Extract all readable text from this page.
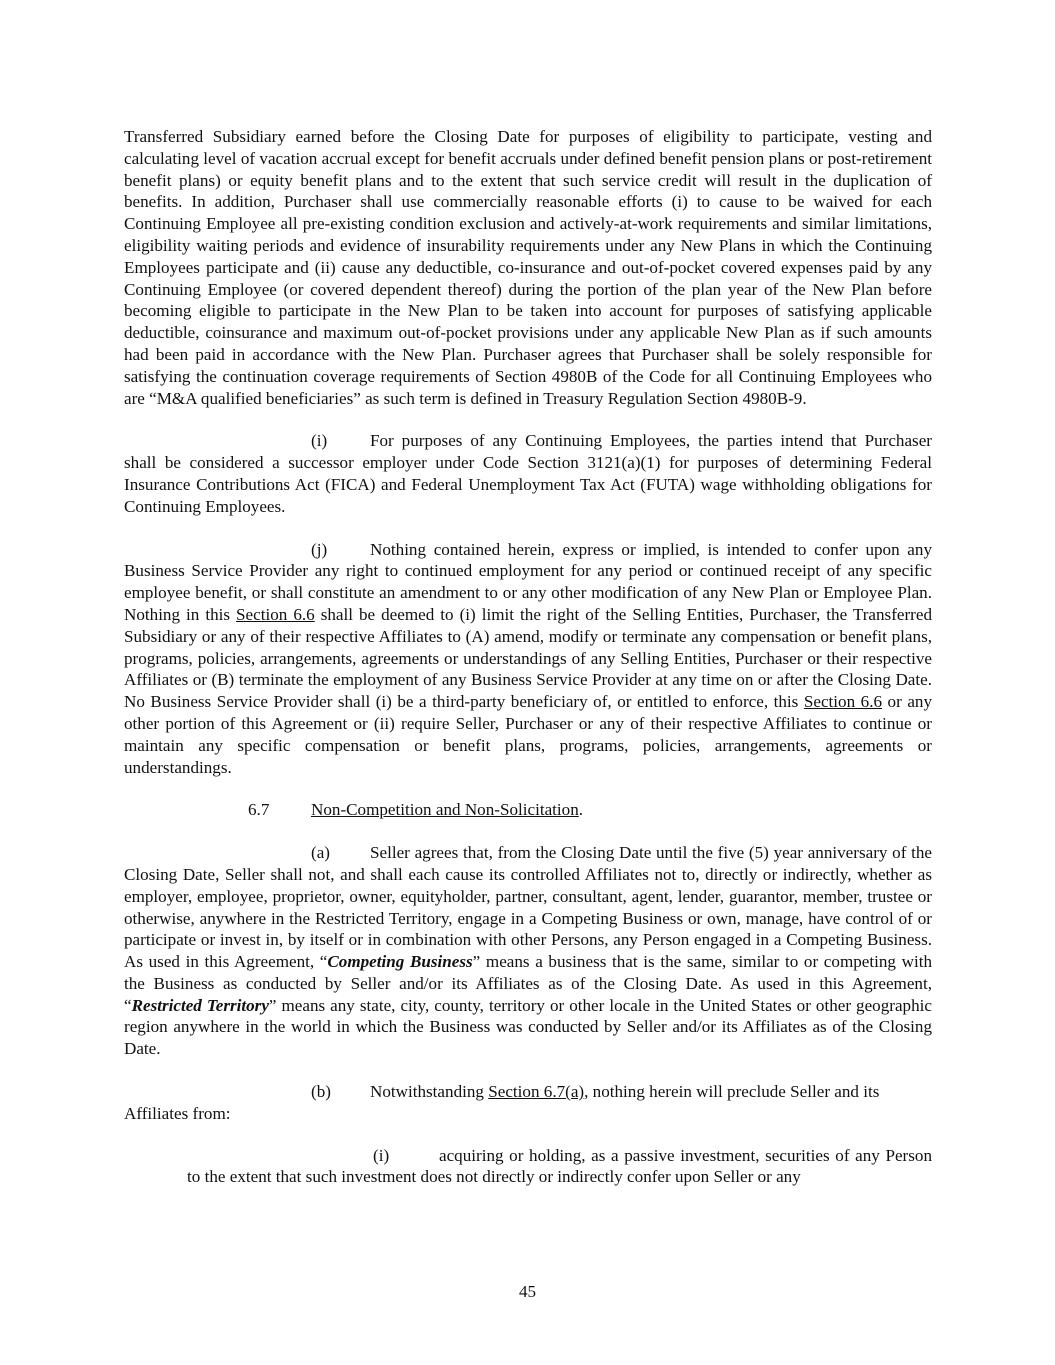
Transferred Subsidiary earned before the Closing Date for purposes of eligibility to participate, vesting and calculating level of vacation accrual except for benefit accruals under defined benefit pension plans or post-retirement benefit plans) or equity benefit plans and to the extent that such service credit will result in the duplication of benefits. In addition, Purchaser shall use commercially reasonable efforts (i) to cause to be waived for each Continuing Employee all pre-existing condition exclusion and actively-at-work requirements and similar limitations, eligibility waiting periods and evidence of insurability requirements under any New Plans in which the Continuing Employees participate and (ii) cause any deductible, co-insurance and out-of-pocket covered expenses paid by any Continuing Employee (or covered dependent thereof) during the portion of the plan year of the New Plan before becoming eligible to participate in the New Plan to be taken into account for purposes of satisfying applicable deductible, coinsurance and maximum out-of-pocket provisions under any applicable New Plan as if such amounts had been paid in accordance with the New Plan. Purchaser agrees that Purchaser shall be solely responsible for satisfying the continuation coverage requirements of Section 4980B of the Code for all Continuing Employees who are “M&A qualified beneficiaries” as such term is defined in Treasury Regulation Section 4980B-9.

(i)	For purposes of any Continuing Employees, the parties intend that Purchaser shall be considered a successor employer under Code Section 3121(a)(1) for purposes of determining Federal Insurance Contributions Act (FICA) and Federal Unemployment Tax Act (FUTA) wage withholding obligations for Continuing Employees.

(j)	Nothing contained herein, express or implied, is intended to confer upon any Business Service Provider any right to continued employment for any period or continued receipt of any specific employee benefit, or shall constitute an amendment to or any other modification of any New Plan or Employee Plan. Nothing in this Section 6.6 shall be deemed to (i) limit the right of the Selling Entities, Purchaser, the Transferred Subsidiary or any of their respective Affiliates to (A) amend, modify or terminate any compensation or benefit plans, programs, policies, arrangements, agreements or understandings of any Selling Entities, Purchaser or their respective Affiliates or (B) terminate the employment of any Business Service Provider at any time on or after the Closing Date. No Business Service Provider shall (i) be a third-party beneficiary of, or entitled to enforce, this Section 6.6 or any other portion of this Agreement or (ii) require Seller, Purchaser or any of their respective Affiliates to continue or maintain any specific compensation or benefit plans, programs, policies, arrangements, agreements or understandings.

6.7 Non-Competition and Non-Solicitation.

(a) Seller agrees that, from the Closing Date until the five (5) year anniversary of the Closing Date, Seller shall not, and shall each cause its controlled Affiliates not to, directly or indirectly, whether as employer, employee, proprietor, owner, equityholder, partner, consultant, agent, lender, guarantor, member, trustee or otherwise, anywhere in the Restricted Territory, engage in a Competing Business or own, manage, have control of or participate or invest in, by itself or in combination with other Persons, any Person engaged in a Competing Business. As used in this Agreement, “Competing Business” means a business that is the same, similar to or competing with the Business as conducted by Seller and/or its Affiliates as of the Closing Date. As used in this Agreement, “Restricted Territory” means any state, city, county, territory or other locale in the United States or other geographic region anywhere in the world in which the Business was conducted by Seller and/or its Affiliates as of the Closing Date.

(b) Notwithstanding Section 6.7(a), nothing herein will preclude Seller and its
Affiliates from:

(i)	acquiring or holding, as a passive investment, securities of any Person to the extent that such investment does not directly or indirectly confer upon Seller or any

45
